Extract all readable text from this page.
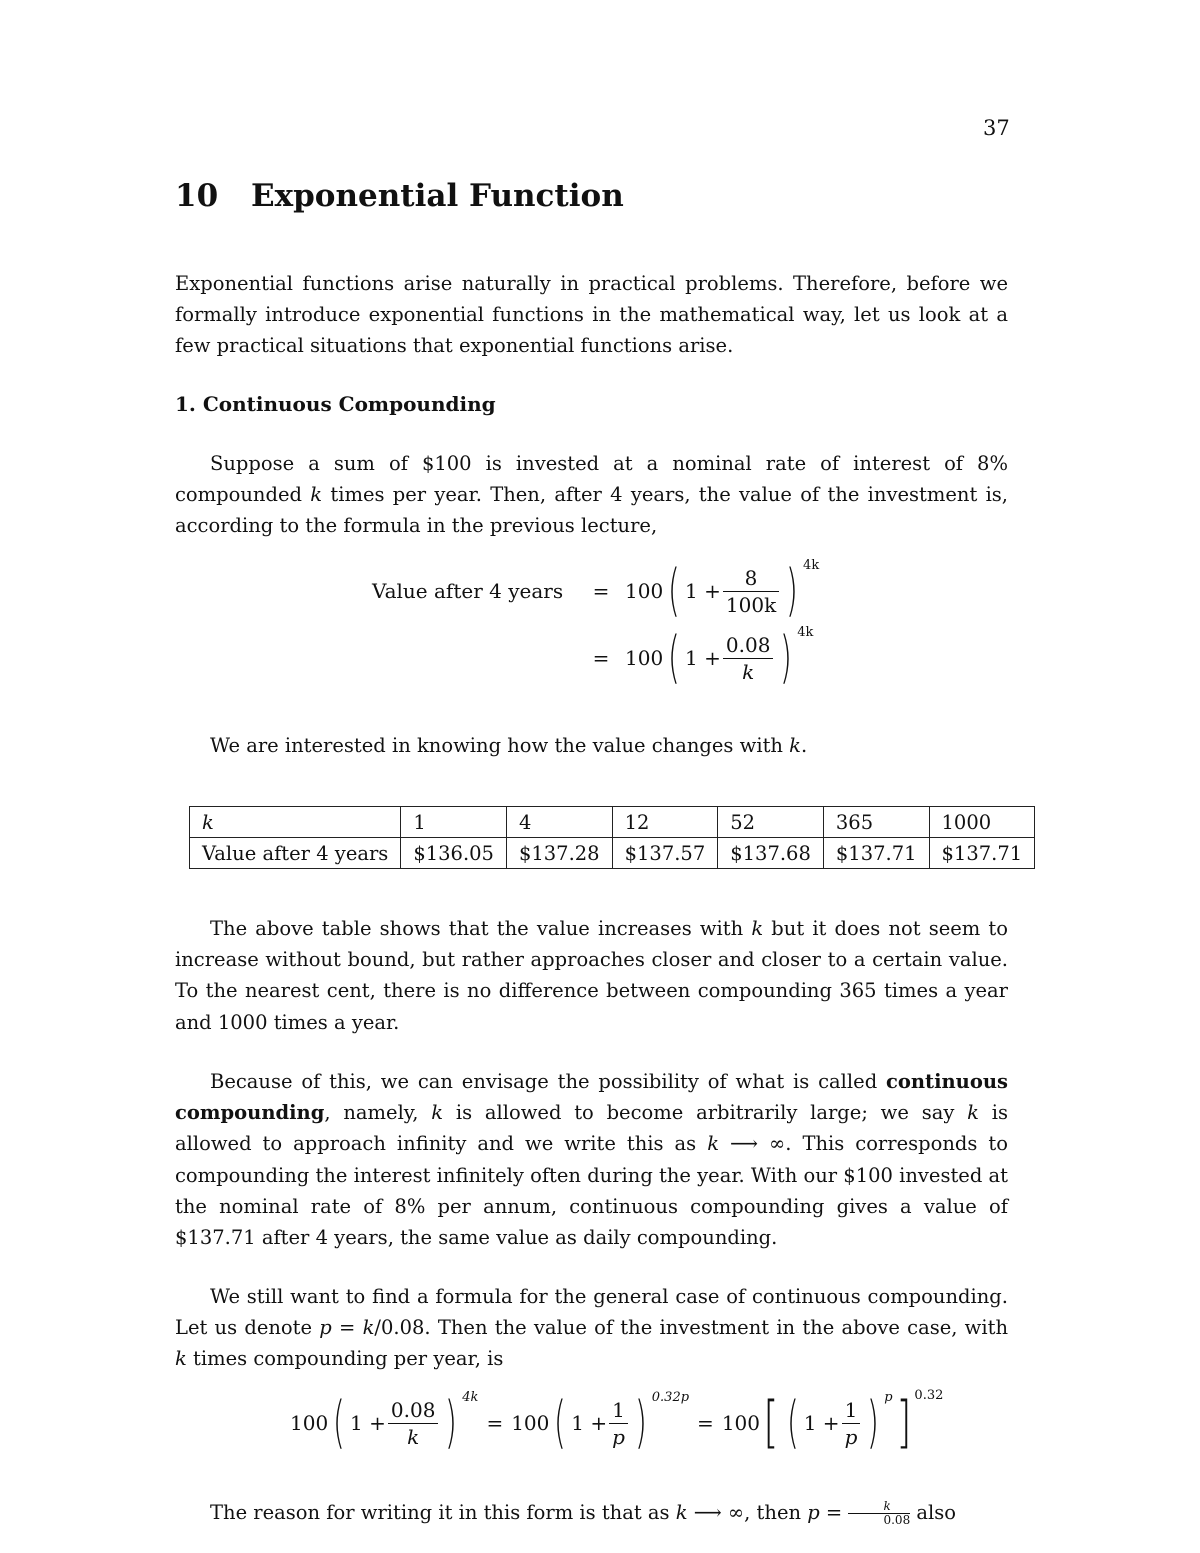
37
10 Exponential Function
Exponential functions arise naturally in practical problems. Therefore, before we formally introduce exponential functions in the mathematical way, let us look at a few practical situations that exponential functions arise.
1. Continuous Compounding
Suppose a sum of $100 is invested at a nominal rate of interest of 8% compounded k times per year. Then, after 4 years, the value of the investment is, according to the formula in the previous lecture,
Value after 4 years	= 100 ( $1 + \frac{8}{100k}$ ) $^{4k}$
= 100 ( $1 + \frac{0.08}{k}$ ) $^{4k}$
We are interested in knowing how the value changes with k.
k	1	4	12	52	365	1000
Value after 4 years	$136.05	$137.28	$137.57	$137.68	$137.71	$137.71
The above table shows that the value increases with k but it does not seem to increase without bound, but rather approaches closer and closer to a certain value. To the nearest cent, there is no difference between compounding 365 times a year and 1000 times a year.
Because of this, we can envisage the possibility of what is called continuous compounding, namely, k is allowed to become arbitrarily large; we say k is allowed to approach infinity and we write this as k ⟶ ∞. This corresponds to compounding the interest infinitely often during the year. With our $100 invested at the nominal rate of 8% per annum, continuous compounding gives a value of $137.71 after 4 years, the same value as daily compounding.
We still want to find a formula for the general case of continuous compounding. Let us denote p = k/0.08. Then the value of the investment in the above case, with k times compounding per year, is
100 ( $1 + \frac{0.08}{k}$ ) $^{4k}$
= 100 ( $1 + \frac{1}{p}$ ) $^{0.32p}$
= 100 [ ( $1 + \frac{1}{p}$ ) $^p$ ] $^{0.32}$
The reason for writing it in this form is that as k ⟶ ∞, then $p = \frac{k}{0.08}$ also
